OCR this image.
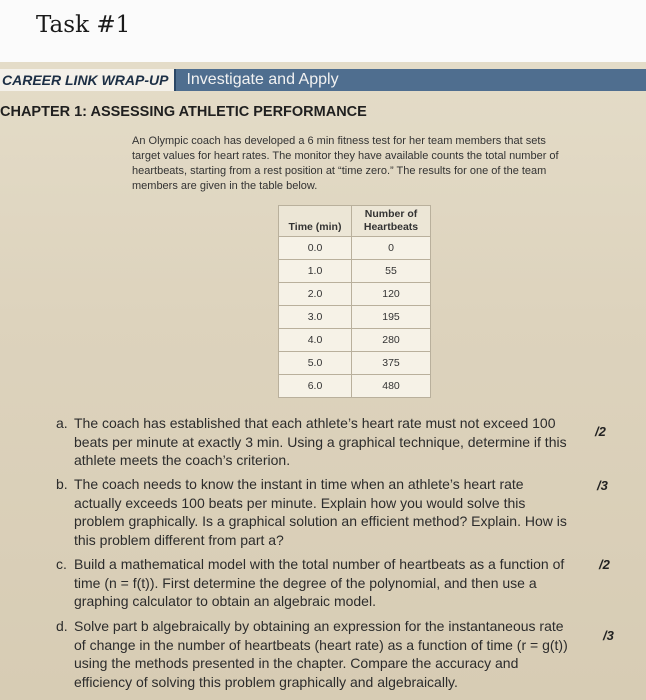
Task #1
CAREER LINK WRAP-UP	Investigate and Apply
CHAPTER 1: ASSESSING ATHLETIC PERFORMANCE
An Olympic coach has developed a 6 min fitness test for her team members that sets target values for heart rates. The monitor they have available counts the total number of heartbeats, starting from a rest position at “time zero.” The results for one of the team members are given in the table below.
Time (min)	Number of Heartbeats
0.0	0
1.0	55
2.0	120
3.0	195
4.0	280
5.0	375
6.0	480
a. The coach has established that each athlete’s heart rate must not exceed 100 beats per minute at exactly 3 min. Using a graphical technique, determine if this athlete meets the coach’s criterion.
/2
b. The coach needs to know the instant in time when an athlete’s heart rate actually exceeds 100 beats per minute. Explain how you would solve this problem graphically. Is a graphical solution an efficient method? Explain. How is this problem different from part a?
/3
c. Build a mathematical model with the total number of heartbeats as a function of time (n = f(t)). First determine the degree of the polynomial, and then use a graphing calculator to obtain an algebraic model.
/2
d. Solve part b algebraically by obtaining an expression for the instantaneous rate of change in the number of heartbeats (heart rate) as a function of time (r = g(t)) using the methods presented in the chapter. Compare the accuracy and efficiency of solving this problem graphically and algebraically.
/3
